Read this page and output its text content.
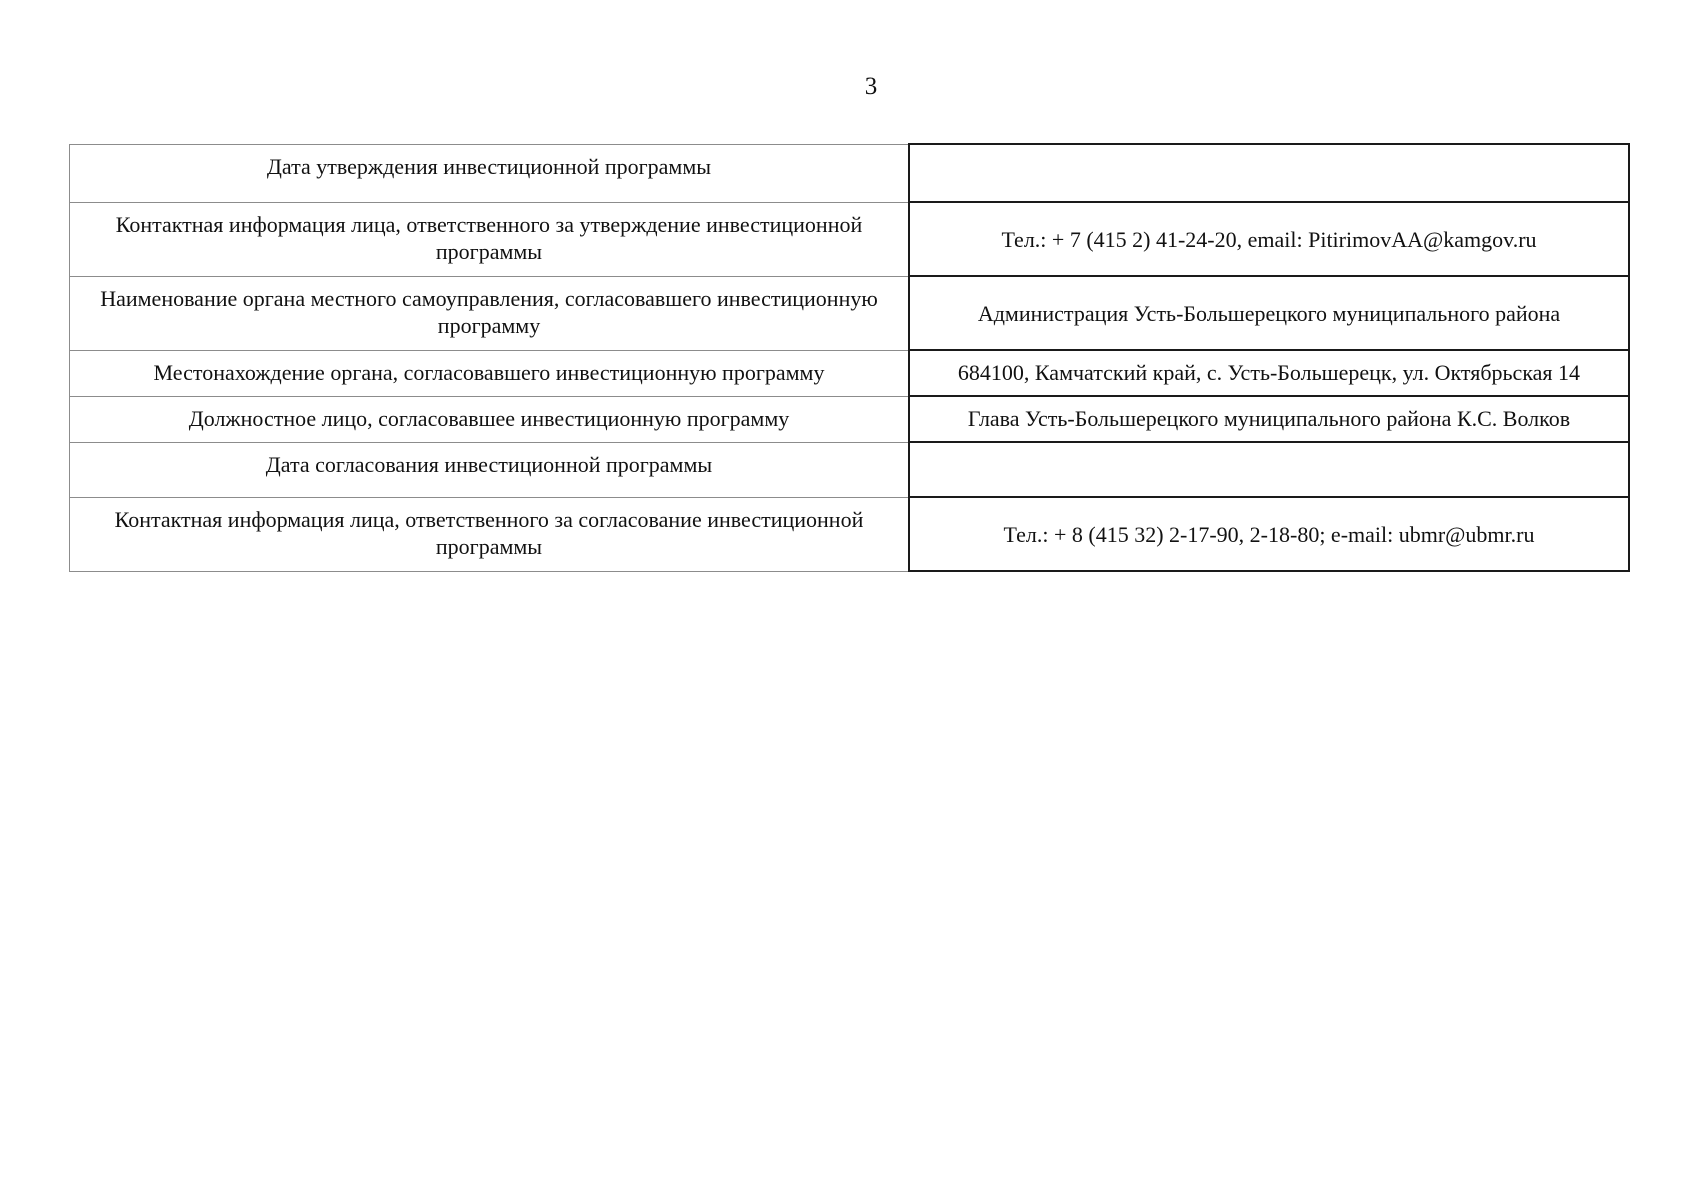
3
Дата утверждения инвестиционной программы	
Контактная информация лица, ответственного за утверждение инвестиционной программы	Тел.: + 7 (415 2) 41-24-20, email: PitirimovAA@kamgov.ru
Наименование органа местного самоуправления, согласовавшего инвестиционную программу	Администрация Усть-Большерецкого муниципального района
Местонахождение органа, согласовавшего инвестиционную программу	684100, Камчатский край, с. Усть-Большерецк, ул. Октябрьская 14
Должностное лицо, согласовавшее инвестиционную программу	Глава Усть-Большерецкого муниципального района К.С. Волков
Дата согласования инвестиционной программы	
Контактная информация лица, ответственного за согласование инвестиционной программы	Тел.: + 8 (415 32) 2-17-90, 2-18-80; e-mail: ubmr@ubmr.ru
